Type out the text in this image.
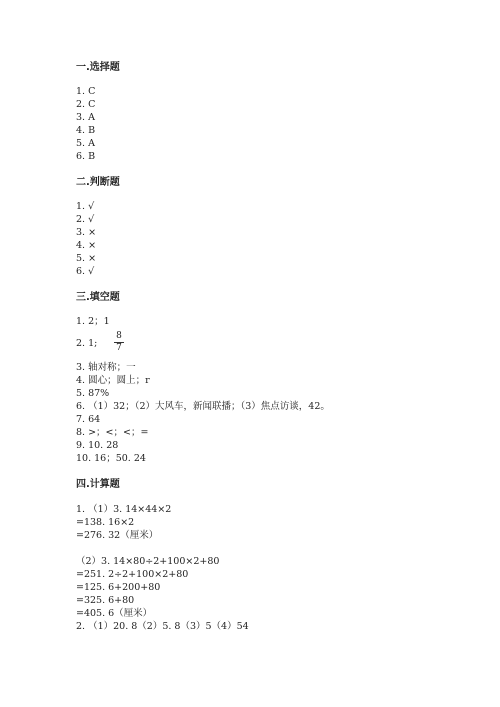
一.选择题
1. C
2. C
3. A
4. B
5. A
6. B
二.判断题
1. √
2. √
3. ×
4. ×
5. ×
6. √
三.填空题
1. 2；1
2. 1;
8
7
3. 轴对称；一
4. 圆心；圆上；r
5. 87%
6. （1）32；（2）大风车，新闻联播；（3）焦点访谈，42。
7. 64
8. >；<；<；=
9. 10. 28
10. 16；50. 24
四.计算题
1. （1）3. 14×44×2
=138. 16×2
=276. 32（厘米）
（2）3. 14×80÷2+100×2+80
=251. 2÷2+100×2+80
=125. 6+200+80
=325. 6+80
=405. 6（厘米）
2. （1）20. 8（2）5. 8（3）5（4）54
